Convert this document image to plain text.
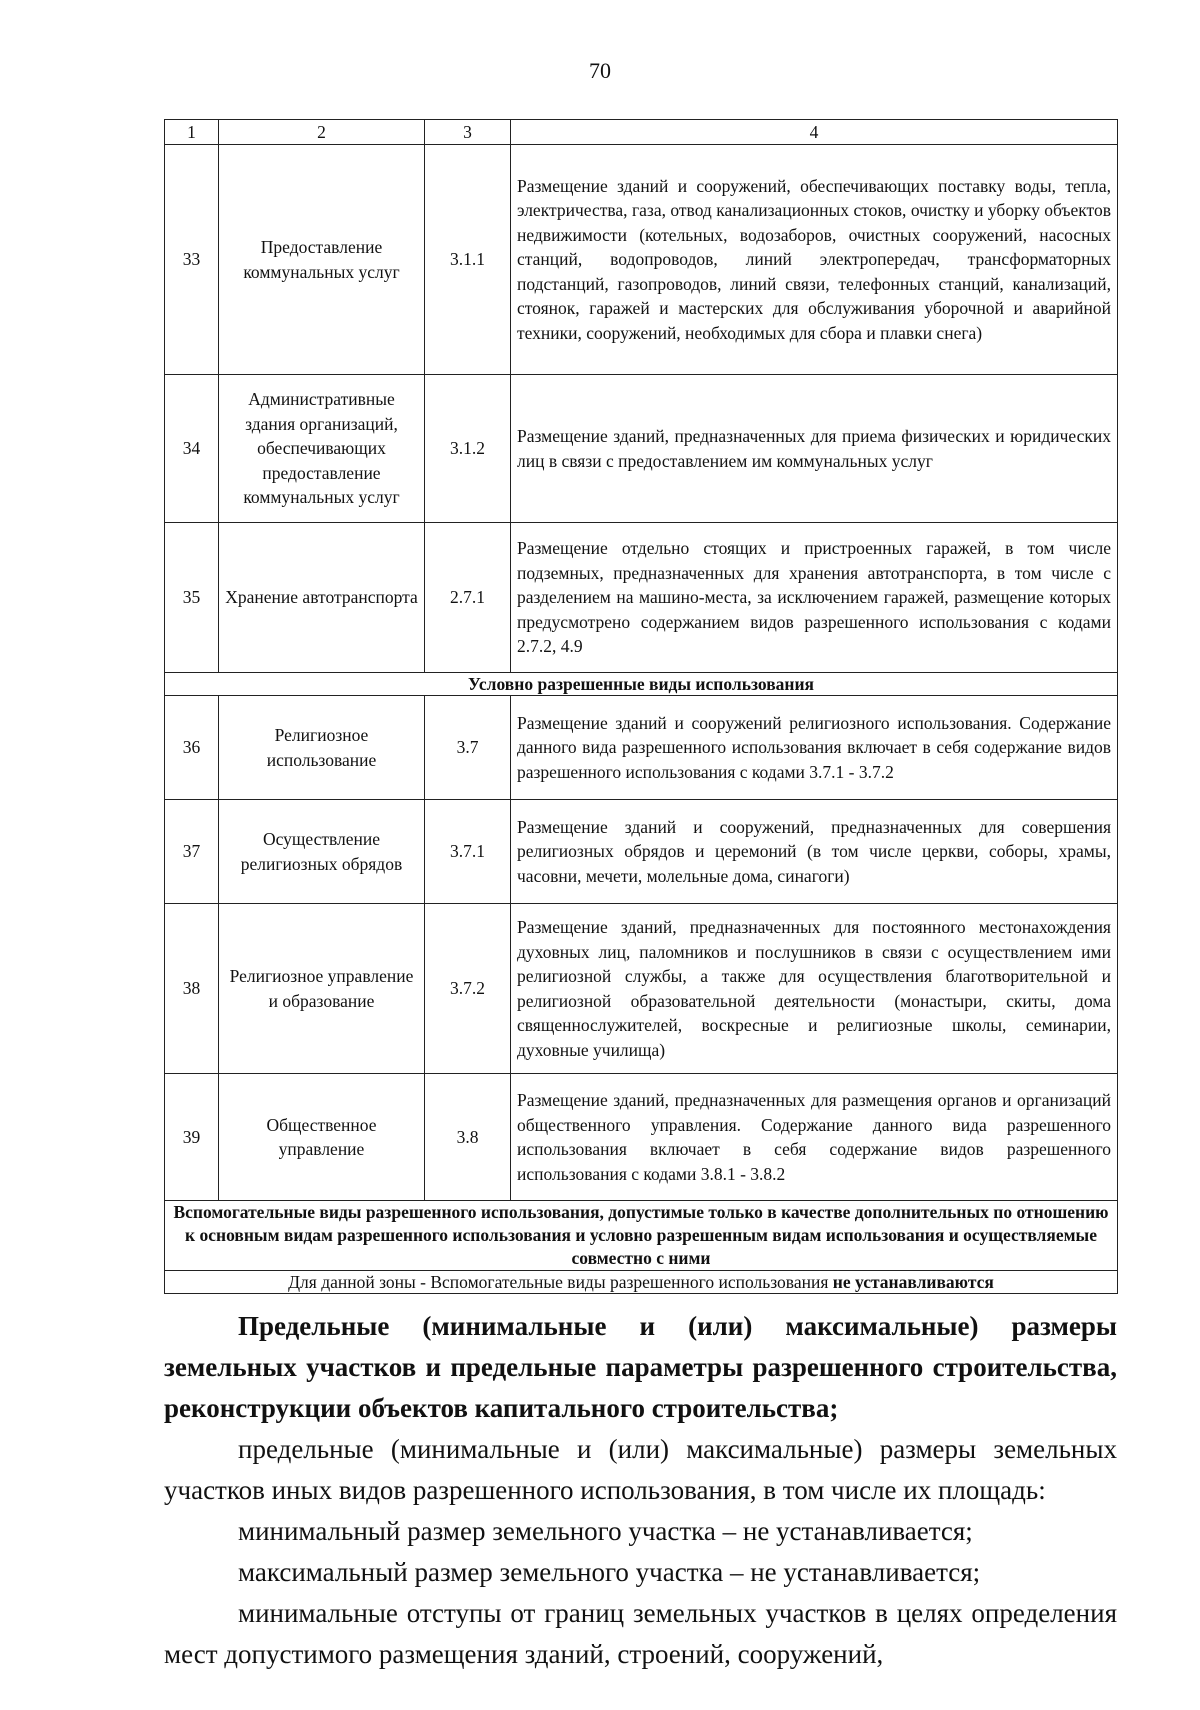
70
1	2	3	4
33	Предоставление коммунальных услуг	3.1.1	Размещение зданий и сооружений, обеспечивающих поставку воды, тепла, электричества, газа, отвод канализационных стоков, очистку и уборку объектов недвижимости (котельных, водозаборов, очистных сооружений, насосных станций, водопроводов, линий электропередач, трансформаторных подстанций, газопроводов, линий связи, телефонных станций, канализаций, стоянок, гаражей и мастерских для обслуживания уборочной и аварийной техники, сооружений, необходимых для сбора и плавки снега)
34	Административные здания организаций, обеспечивающих предоставление коммунальных услуг	3.1.2	Размещение зданий, предназначенных для приема физических и юридических лиц в связи с предоставлением им коммунальных услуг
35	Хранение автотранспорта	2.7.1	Размещение отдельно стоящих и пристроенных гаражей, в том числе подземных, предназначенных для хранения автотранспорта, в том числе с разделением на машино-места, за исключением гаражей, размещение которых предусмотрено содержанием видов разрешенного использования с кодами 2.7.2, 4.9
Условно разрешенные виды использования			
36	Религиозное использование	3.7	Размещение зданий и сооружений религиозного использования. Содержание данного вида разрешенного использования включает в себя содержание видов разрешенного использования с кодами 3.7.1 - 3.7.2
37	Осуществление религиозных обрядов	3.7.1	Размещение зданий и сооружений, предназначенных для совершения религиозных обрядов и церемоний (в том числе церкви, соборы, храмы, часовни, мечети, молельные дома, синагоги)
38	Религиозное управление и образование	3.7.2	Размещение зданий, предназначенных для постоянного местонахождения духовных лиц, паломников и послушников в связи с осуществлением ими религиозной службы, а также для осуществления благотворительной и религиозной образовательной деятельности (монастыри, скиты, дома священнослужителей, воскресные и религиозные школы, семинарии, духовные училища)
39	Общественное управление	3.8	Размещение зданий, предназначенных для размещения органов и организаций общественного управления. Содержание данного вида разрешенного использования включает в себя содержание видов разрешенного использования с кодами 3.8.1 - 3.8.2
Вспомогательные виды разрешенного использования, допустимые только в качестве дополнительных по отношению к основным видам разрешенного использования и условно разрешенным видам использования и осуществляемые совместно с ними			
Для данной зоны - Вспомогательные виды разрешенного использования не устанавливаются			

Предельные (минимальные и (или) максимальные) размеры земельных участков и предельные параметры разрешенного строительства, реконструкции объектов капитального строительства;

предельные (минимальные и (или) максимальные) размеры земельных участков иных видов разрешенного использования, в том числе их площадь:

минимальный размер земельного участка – не устанавливается;

максимальный размер земельного участка – не устанавливается;

минимальные отступы от границ земельных участков в целях определения мест допустимого размещения зданий, строений, сооружений,
